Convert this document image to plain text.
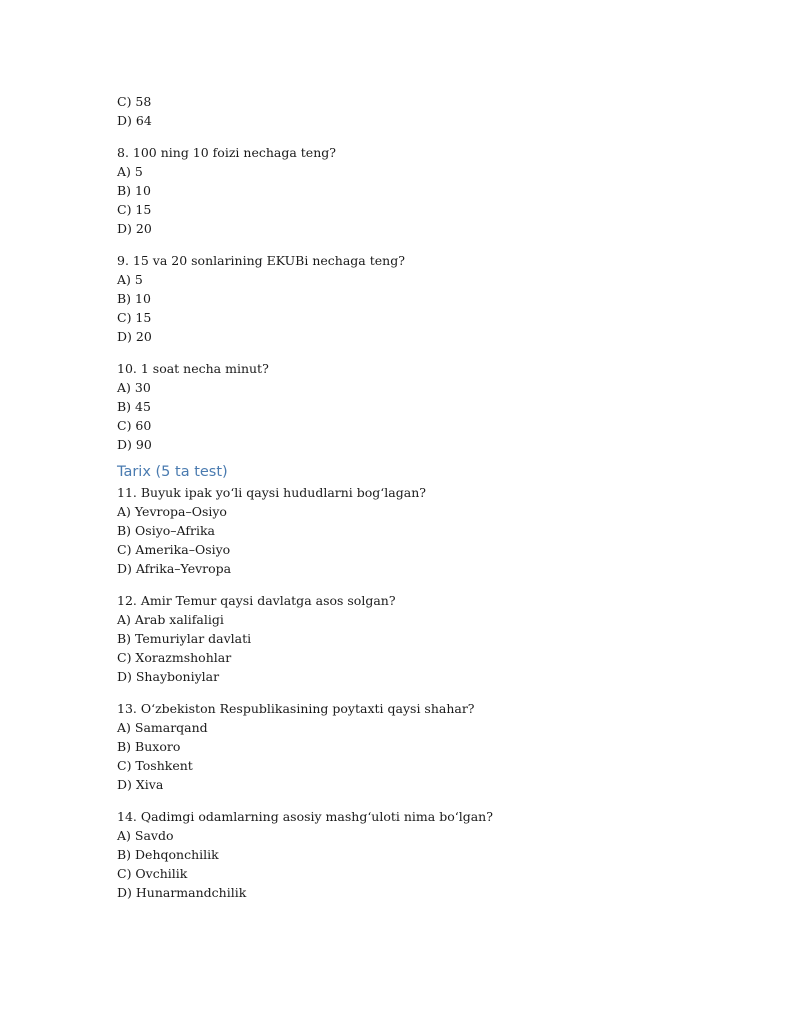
C) 58
D) 64
8. 100 ning 10 foizi nechaga teng?
A) 5
B) 10
C) 15
D) 20
9. 15 va 20 sonlarining EKUBi nechaga teng?
A) 5
B) 10
C) 15
D) 20
10. 1 soat necha minut?
A) 30
B) 45
C) 60
D) 90
Tarix (5 ta test)
11. Buyuk ipak yo‘li qaysi hududlarni bog‘lagan?
A) Yevropa–Osiyo
B) Osiyo–Afrika
C) Amerika–Osiyo
D) Afrika–Yevropa
12. Amir Temur qaysi davlatga asos solgan?
A) Arab xalifaligi
B) Temuriylar davlati
C) Xorazmshohlar
D) Shayboniylar
13. O‘zbekiston Respublikasining poytaxti qaysi shahar?
A) Samarqand
B) Buxoro
C) Toshkent
D) Xiva
14. Qadimgi odamlarning asosiy mashg‘uloti nima bo‘lgan?
A) Savdo
B) Dehqonchilik
C) Ovchilik
D) Hunarmandchilik
